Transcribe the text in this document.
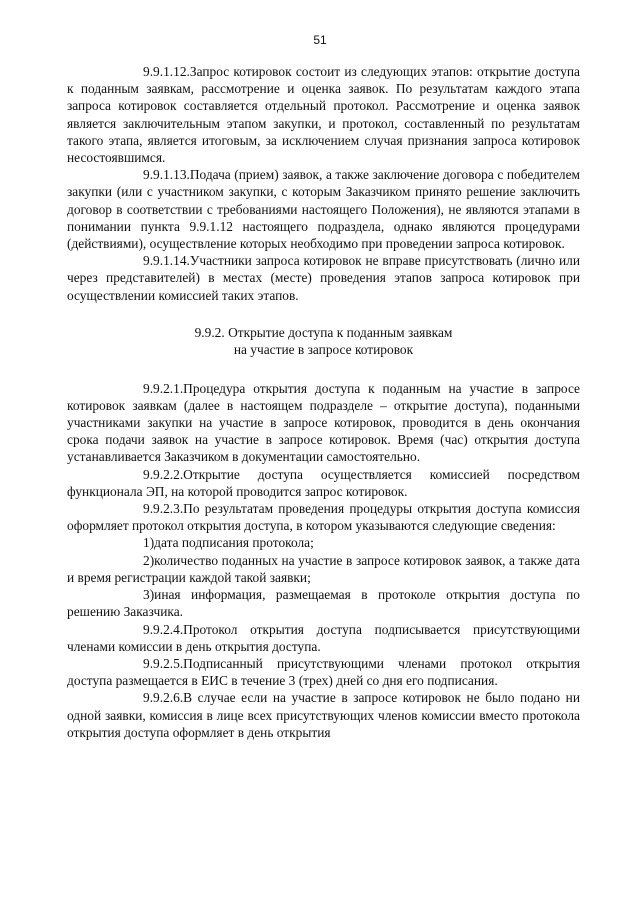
51

9.9.1.12.Запрос котировок состоит из следующих этапов: открытие доступа к поданным заявкам, рассмотрение и оценка заявок. По результатам каждого этапа запроса котировок составляется отдельный протокол. Рассмотрение и оценка заявок является заключительным этапом закупки, и протокол, составленный по результатам такого этапа, является итоговым, за исключением случая признания запроса котировок несостоявшимся.

9.9.1.13.Подача (прием) заявок, а также заключение договора с победителем закупки (или с участником закупки, с которым Заказчиком принято решение заключить договор в соответствии с требованиями настоящего Положения), не являются этапами в понимании пункта 9.9.1.12 настоящего подраздела, однако являются процедурами (действиями), осуществление которых необходимо при проведении запроса котировок.

9.9.1.14.Участники запроса котировок не вправе присутствовать (лично или через представителей) в местах (месте) проведения этапов запроса котировок при осуществлении комиссией таких этапов.

9.9.2. Открытие доступа к поданным заявкам
на участие в запросе котировок

9.9.2.1.Процедура открытия доступа к поданным на участие в запросе котировок заявкам (далее в настоящем подразделе – открытие доступа), поданными участниками закупки на участие в запросе котировок, проводится в день окончания срока подачи заявок на участие в запросе котировок. Время (час) открытия доступа устанавливается Заказчиком в документации самостоятельно.

9.9.2.2.Открытие доступа осуществляется комиссией посредством функционала ЭП, на которой проводится запрос котировок.

9.9.2.3.По результатам проведения процедуры открытия доступа комиссия оформляет протокол открытия доступа, в котором указываются следующие сведения:

1)дата подписания протокола;

2)количество поданных на участие в запросе котировок заявок, а также дата и время регистрации каждой такой заявки;

3)иная информация, размещаемая в протоколе открытия доступа по решению Заказчика.

9.9.2.4.Протокол открытия доступа подписывается присутствующими членами комиссии в день открытия доступа.

9.9.2.5.Подписанный присутствующими членами протокол открытия доступа размещается в ЕИС в течение 3 (трех) дней со дня его подписания.

9.9.2.6.В случае если на участие в запросе котировок не было подано ни одной заявки, комиссия в лице всех присутствующих членов комиссии вместо протокола открытия доступа оформляет в день открытия
